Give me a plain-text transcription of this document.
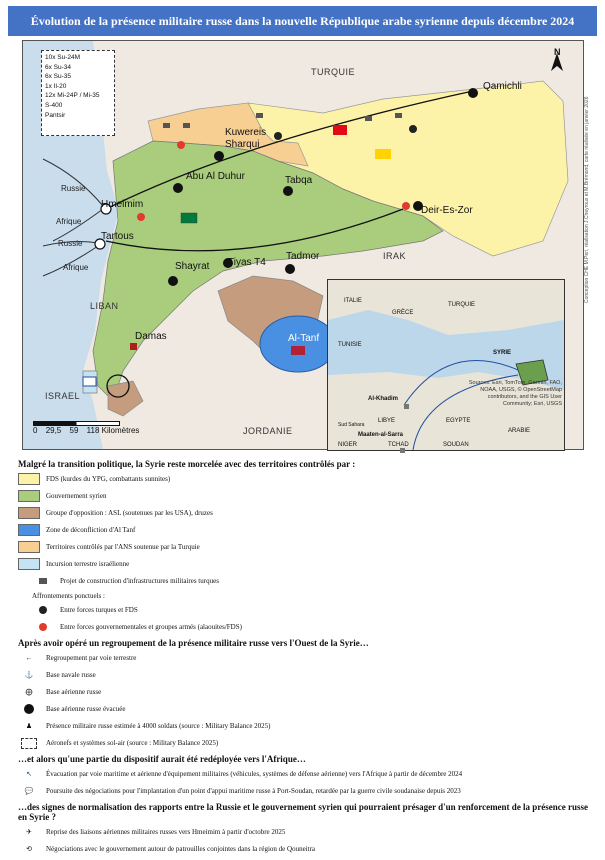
Évolution de la présence militaire russe dans la nouvelle République arabe syrienne depuis décembre 2024
10x Su-24M
6x Su-34
6x Su-35
1x Il-20
12x Mi-24P / Mi-35
S-400
Pantsir
N
TURQUIE
LIBAN
ISRAEL
JORDANIE
IRAK
Qamichli
Kuwereis
Sharqui
Abu Al Duhur	Tabqa
Hmeimim
Deir-Es-Zor
Tartous
Shayrat Tiyas T4
Tadmor
Damas	Al-Tanf
Russie
Afrique
Russie
Afrique
0 29,5 59 118 Kilomètres
ITALIE
GRÈCE
TURQUIE
TUNISIE
SYRIE
Al-Khadim
LIBYE	EGYPTE
ARABIE
Maaten-al-Sarra
Sud Sahara
NIGER	TCHAD	SOUDAN
Sources: Esri, TomTom, Garmin, FAO, NOAA, USGS, © OpenStreetMap contributors, and the GIS User Community; Esri, USGS
Conception CHE M.Peri, réalisation J.Cheyroux et M.Brémond, carte réalisée en janvier 2026
Malgré la transition politique, la Syrie reste morcelée avec des territoires contrôlés par :
FDS (kurdes du YPG, combattants sunnites)
Gouvernement syrien
Groupe d'opposition : ASL (soutenues par les USA), druzes
Zone de déconfliction d'Al Tanf
Territoires contrôlés par l'ANS soutenue par la Turquie
Incursion terrestre israélienne
Projet de construction d'infrastructures militaires turques
Affrontements ponctuels :
Entre forces turques et FDS
Entre forces gouvernementales et groupes armés (alaouites/FDS)
Après avoir opéré un regroupement de la présence militaire russe vers l'Ouest de la Syrie…
←	Regroupement par voie terrestre
⚓	Base navale russe
⨁	Base aérienne russe
Base aérienne russe évacuée
♟	Présence militaire russe estimée à 4000 soldats (source : Military Balance 2025)
Aéronefs et systèmes sol-air (source : Military Balance 2025)
…et alors qu'une partie du dispositif aurait été redéployée vers l'Afrique…
↖	Évacuation par voie maritime et aérienne d'équipement militaires (véhicules, systèmes de défense aérienne) vers l'Afrique à partir de décembre 2024
💬	Poursuite des négociations pour l'implantation d'un point d'appui maritime russe à Port-Soudan, retardée par la guerre civile soudanaise depuis 2023
…des signes de normalisation des rapports entre la Russie et le gouvernement syrien qui pourraient présager d'un renforcement de la présence russe en Syrie ?
✈	Reprise des liaisons aériennes militaires russes vers Hmeimim à partir d'octobre 2025
⟲	Négociations avec le gouvernement autour de patrouilles conjointes dans la région de Qouneitra
